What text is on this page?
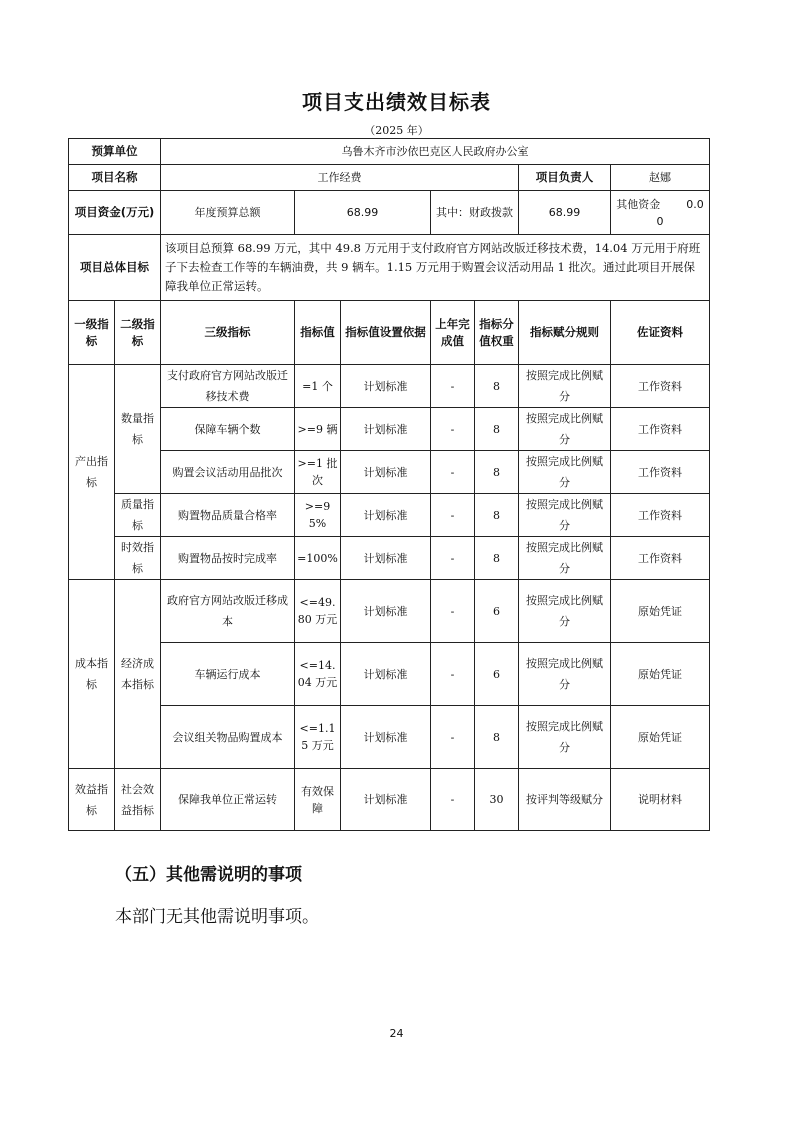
项目支出绩效目标表
（2025 年）
预算单位		乌鲁木齐市沙依巴克区人民政府办公室						
项目名称		工作经费					项目负责人	赵娜
项目资金(万元)		年度预算总额	68.99		其中：财政拨款		68.99	其他资金 0.00
项目总体目标		该项目总预算 68.99 万元，其中 49.8 万元用于支付政府官方网站改版迁移技术费，14.04 万元用于府班子下去检查工作等的车辆油费，共 9 辆车。1.15 万元用于购置会议活动用品 1 批次。通过此项目开展保障我单位正常运转。						
一级指标	二级指标	三级指标	指标值	指标值设置依据	上年完成值	指标分值权重	指标赋分规则	佐证资料
产出指标	数量指标	支付政府官方网站改版迁移技术费	=1 个	计划标准	-	8	按照完成比例赋分	工作资料
		保障车辆个数	>=9 辆	计划标准	-	8	按照完成比例赋分	工作资料
		购置会议活动用品批次	>=1 批次	计划标准	-	8	按照完成比例赋分	工作资料
	质量指标	购置物品质量合格率	>=95%	计划标准	-	8	按照完成比例赋分	工作资料
	时效指标	购置物品按时完成率	=100%	计划标准	-	8	按照完成比例赋分	工作资料
成本指标	经济成本指标	政府官方网站改版迁移成本	<=49.80 万元	计划标准	-	6	按照完成比例赋分	原始凭证
		车辆运行成本	<=14.04 万元	计划标准	-	6	按照完成比例赋分	原始凭证
		会议组关物品购置成本	<=1.15 万元	计划标准	-	8	按照完成比例赋分	原始凭证
效益指标	社会效益指标	保障我单位正常运转	有效保障	计划标准	-	30	按评判等级赋分	说明材料
（五）其他需说明的事项
本部门无其他需说明事项。
24
